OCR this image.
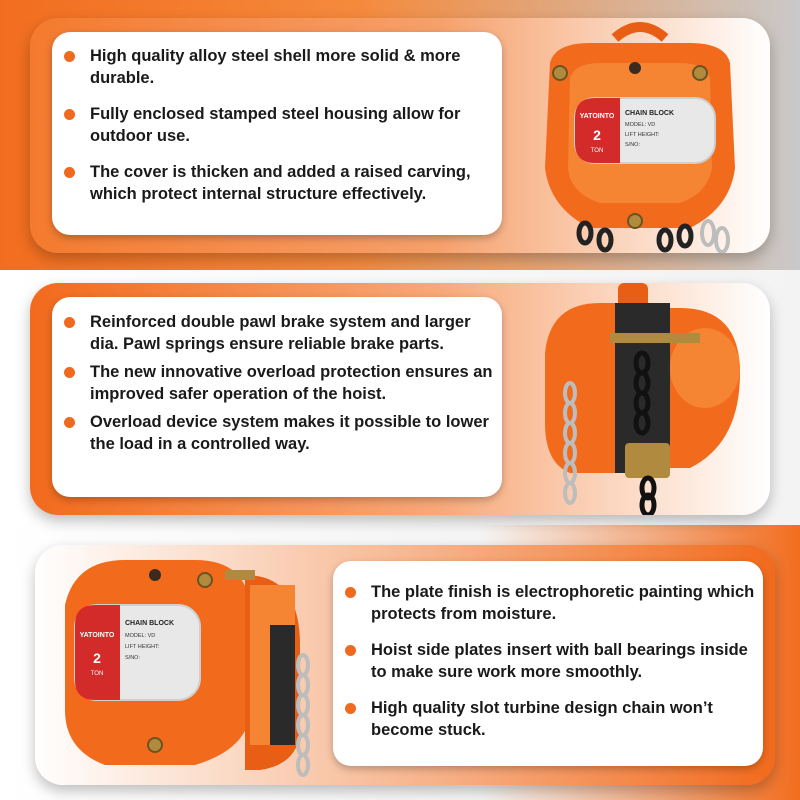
High quality alloy steel shell more solid & more durable.
Fully enclosed stamped steel housing allow for outdoor use.
The cover is thicken and added a raised carving, which protect internal structure effectively.
YATOINTO
2
TON
CHAIN BLOCK
MODEL: VD
LIFT HEIGHT:
S/NO:
Reinforced double pawl brake system and larger dia. Pawl springs ensure reliable brake parts.
The new innovative overload protection ensures an improved safer operation of the hoist.
Overload device system makes it possible to lower the load in a controlled way.
YATOINTO
2
TON
CHAIN BLOCK
MODEL: VD
LIFT HEIGHT:
S/NO:
The plate finish is electrophoretic painting which protects from moisture.
Hoist side plates insert with ball bearings inside to make sure work more smoothly.
High quality slot turbine design chain won’t become stuck.
